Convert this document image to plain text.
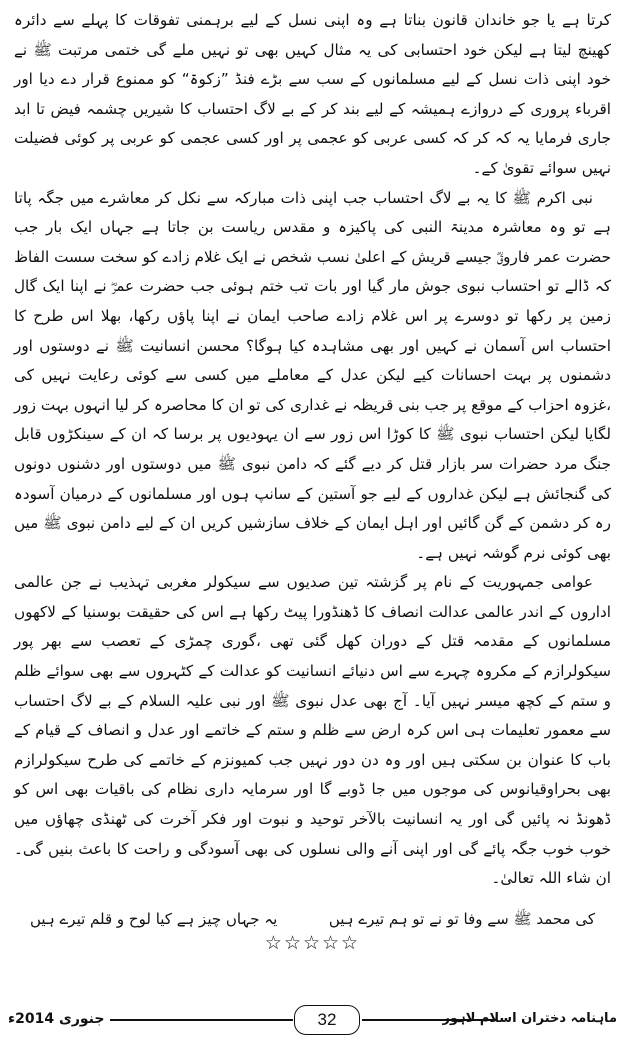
کرتا ہے یا جو خاندان قانون بناتا ہے وہ اپنی نسل کے لیے برہمنی تفوقات کا پہلے سے دائرہ کھینچ لیتا ہے لیکن خود احتسابی کی یہ مثال کہیں بھی تو نہیں ملے گی ختمی مرتبت ﷺ نے خود اپنی ذات نسل کے لیے مسلمانوں کے سب سے بڑے فنڈ ”زکوۃ“ کو ممنوع قرار دے دیا اور اقرباء پروری کے دروازے ہمیشہ کے لیے بند کر کے بے لاگ احتساب کا شیریں چشمہ فیض تا ابد جاری فرمایا یہ کہ کر کہ کسی عربی کو عجمی پر اور کسی عجمی کو عربی پر کوئی فضیلت نہیں سوائے تقویٰ کے۔

نبی اکرم ﷺ کا یہ بے لاگ احتساب جب اپنی ذات مبارکہ سے نکل کر معاشرے میں جگہ پاتا ہے تو وہ معاشرہ مدینۃ النبی کی پاکیزہ و مقدس ریاست بن جاتا ہے جہاں ایک بار جب حضرت عمر فاروقؓ جیسے قریش کے اعلیٰ نسب شخص نے ایک غلام زادے کو سخت سست الفاظ کہ ڈالے تو احتساب نبوی جوش مار گیا اور بات تب ختم ہوئی جب حضرت عمرؓ نے اپنا ایک گال زمین پر رکھا تو دوسرے پر اس غلام زادے صاحب ایمان نے اپنا پاؤں رکھا، بھلا اس طرح کا احتساب اس آسمان نے کہیں اور بھی مشاہدہ کیا ہوگا؟ محسن انسانیت ﷺ نے دوستوں اور دشمنوں پر بہت احسانات کیے لیکن عدل کے معاملے میں کسی سے کوئی رعایت نہیں کی ،غزوہ احزاب کے موقع پر جب بنی قریظہ نے غداری کی تو ان کا محاصرہ کر لیا انہوں بہت زور لگایا لیکن احتساب نبوی ﷺ کا کوڑا اس زور سے ان یہودیوں پر برسا کہ ان کے سینکڑوں قابل جنگ مرد حضرات سر بازار قتل کر دیے گئے کہ دامن نبوی ﷺ میں دوستوں اور دشنوں دونوں کی گنجائش ہے لیکن غداروں کے لیے جو آستین کے سانپ ہوں اور مسلمانوں کے درمیان آسودہ رہ کر دشمن کے گن گائیں اور اہل ایمان کے خلاف سازشیں کریں ان کے لیے دامن نبوی ﷺ میں بھی کوئی نرم گوشہ نہیں ہے۔

عوامی جمہوریت کے نام پر گزشتہ تین صدیوں سے سیکولر مغربی تہذیب نے جن عالمی اداروں کے اندر عالمی عدالت انصاف کا ڈھنڈورا پیٹ رکھا ہے اس کی حقیقت بوسنیا کے لاکھوں مسلمانوں کے مقدمہ قتل کے دوران کھل گئی تھی ،گوری چمڑی کے تعصب سے بھر پور سیکولرازم کے مکروہ چہرے سے اس دنیائے انسانیت کو عدالت کے کٹہروں سے بھی سوائے ظلم و ستم کے کچھ میسر نہیں آیا۔ آج بھی عدل نبوی ﷺ اور نبی علیہ السلام کے بے لاگ احتساب سے معمور تعلیمات ہی اس کرہ ارض سے ظلم و ستم کے خاتمے اور عدل و انصاف کے قیام کے باب کا عنوان بن سکتی ہیں اور وہ دن دور نہیں جب کمیونزم کے خاتمے کی طرح سیکولرازم بھی بحراوقیانوس کی موجوں میں جا ڈوبے گا اور سرمایہ داری نظام کی باقیات بھی اس کو ڈھونڈ نہ پائیں گی اور یہ انسانیت بالآخر توحید و نبوت اور فکر آخرت کی ٹھنڈی چھاؤں میں خوب خوب جگہ پائے گی اور اپنی آنے والی نسلوں کی بھی آسودگی و راحت کا باعث بنیں گی۔ ان شاء اللہ تعالیٰ۔

کی محمد ﷺ سے وفا تو نے تو ہم تیرے ہیں
یہ جہاں چیز ہے کیا لوح و قلم تیرے ہیں
☆☆☆☆☆
جنوری 2014ء	32	ماہنامہ دختران اسلام لاہور
